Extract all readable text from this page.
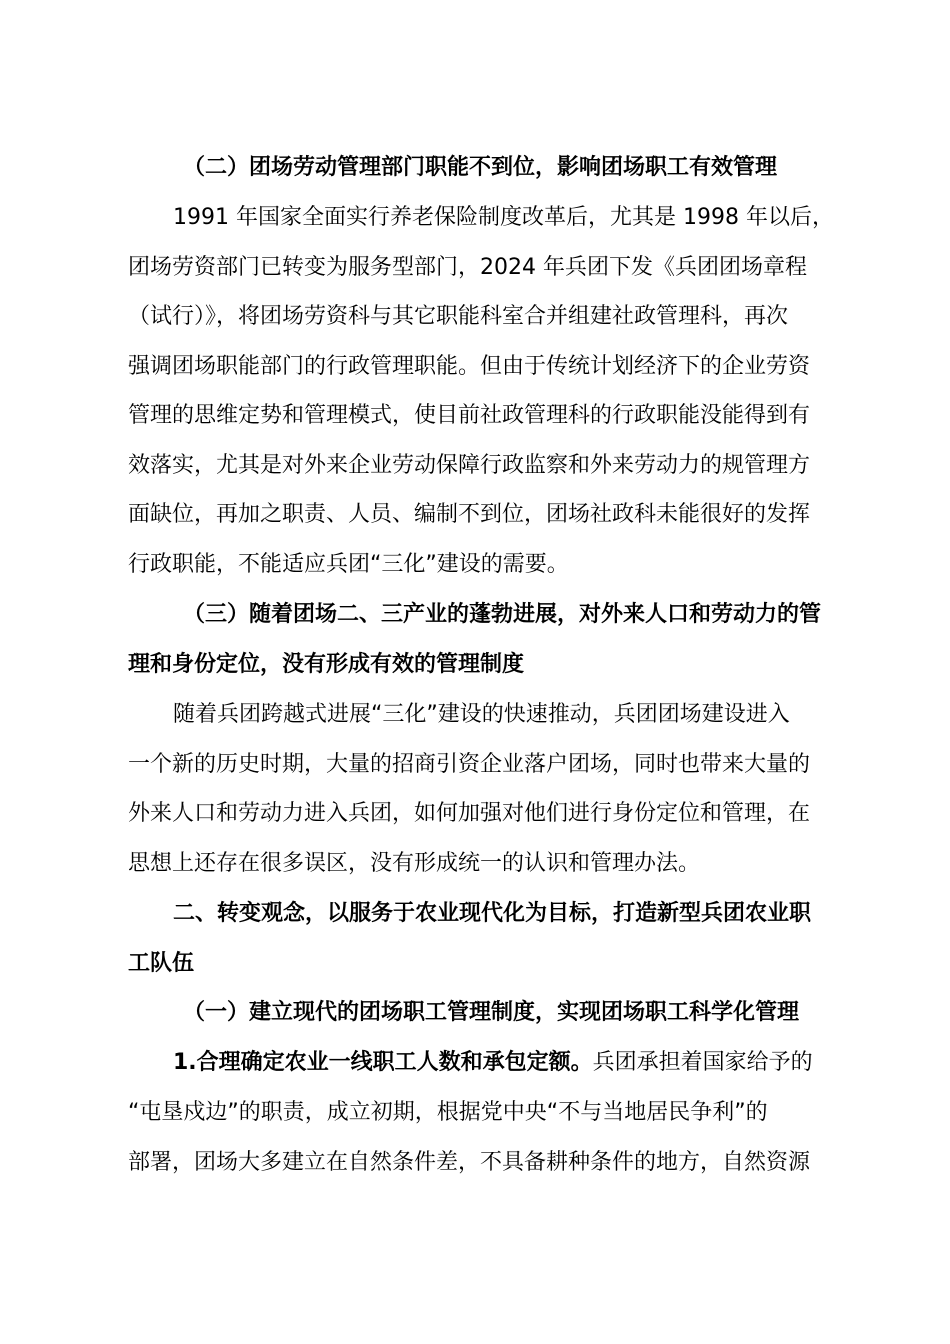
（二）团场劳动管理部门职能不到位，影响团场职工有效管理
1991 年国家全面实行养老保险制度改革后，尤其是 1998 年以后，
团场劳资部门已转变为服务型部门，2024 年兵团下发《兵团团场章程
（试行）》，将团场劳资科与其它职能科室合并组建社政管理科，再次
强调团场职能部门的行政管理职能。但由于传统计划经济下的企业劳资
管理的思维定势和管理模式，使目前社政管理科的行政职能没能得到有
效落实，尤其是对外来企业劳动保障行政监察和外来劳动力的规管理方
面缺位，再加之职责、人员、编制不到位，团场社政科未能很好的发挥
行政职能，不能适应兵团“三化”建设的需要。
（三）随着团场二、三产业的蓬勃进展，对外来人口和劳动力的管
理和身份定位，没有形成有效的管理制度
随着兵团跨越式进展“三化”建设的快速推动，兵团团场建设进入
一个新的历史时期，大量的招商引资企业落户团场，同时也带来大量的
外来人口和劳动力进入兵团，如何加强对他们进行身份定位和管理，在
思想上还存在很多误区，没有形成统一的认识和管理办法。
二、转变观念，以服务于农业现代化为目标，打造新型兵团农业职
工队伍
（一）建立现代的团场职工管理制度，实现团场职工科学化管理
1.合理确定农业一线职工人数和承包定额。兵团承担着国家给予的
“屯垦戍边”的职责，成立初期，根据党中央“不与当地居民争利”的
部署，团场大多建立在自然条件差，不具备耕种条件的地方，自然资源
